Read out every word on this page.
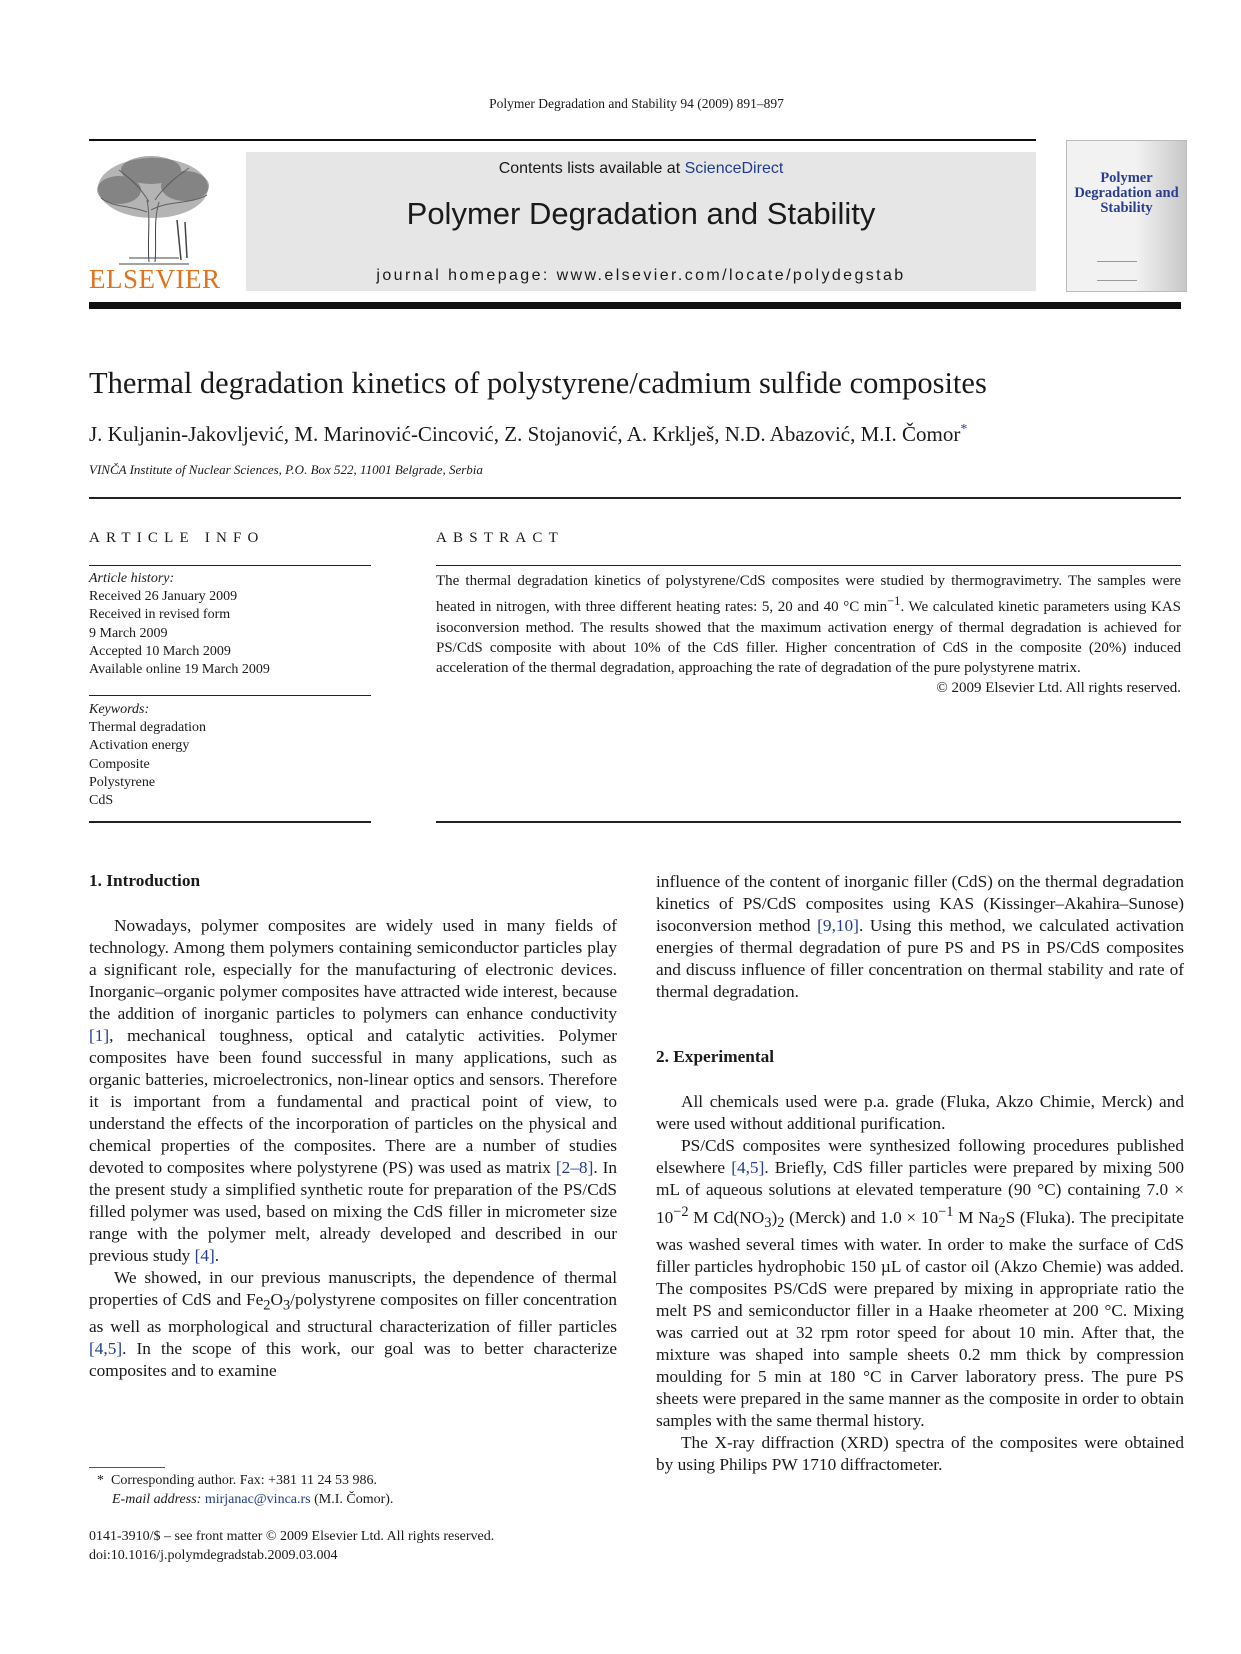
Polymer Degradation and Stability 94 (2009) 891–897
ELSEVIER
Contents lists available at ScienceDirect
Polymer Degradation and Stability
journal homepage: www.elsevier.com/locate/polydegstab
Polymer Degradation and Stability
Thermal degradation kinetics of polystyrene/cadmium sulfide composites
J. Kuljanin-Jakovljević, M. Marinović-Cincović, Z. Stojanović, A. Krklješ, N.D. Abazović, M.I. Čomor*
VINČA Institute of Nuclear Sciences, P.O. Box 522, 11001 Belgrade, Serbia
ARTICLE INFO
Article history:
Received 26 January 2009
Received in revised form
9 March 2009
Accepted 10 March 2009
Available online 19 March 2009
Keywords:
Thermal degradation
Activation energy
Composite
Polystyrene
CdS
ABSTRACT
The thermal degradation kinetics of polystyrene/CdS composites were studied by thermogravimetry. The samples were heated in nitrogen, with three different heating rates: 5, 20 and 40 °C $\min^{-1}$. We calculated kinetic parameters using KAS isoconversion method. The results showed that the maximum activation energy of thermal degradation is achieved for PS/CdS composite with about 10% of the CdS filler. Higher concentration of CdS in the composite (20%) induced acceleration of the thermal degradation, approaching the rate of degradation of the pure polystyrene matrix.
© 2009 Elsevier Ltd. All rights reserved.
1. Introduction

Nowadays, polymer composites are widely used in many fields of technology. Among them polymers containing semiconductor particles play a significant role, especially for the manufacturing of electronic devices. Inorganic–organic polymer composites have attracted wide interest, because the addition of inorganic particles to polymers can enhance conductivity [1], mechanical toughness, optical and catalytic activities. Polymer composites have been found successful in many applications, such as organic batteries, microelectronics, non-linear optics and sensors. Therefore it is important from a fundamental and practical point of view, to understand the effects of the incorporation of particles on the physical and chemical properties of the composites. There are a number of studies devoted to composites where polystyrene (PS) was used as matrix [2–8]. In the present study a simplified synthetic route for preparation of the PS/CdS filled polymer was used, based on mixing the CdS filler in micrometer size range with the polymer melt, already developed and described in our previous study [4].

We showed, in our previous manuscripts, the dependence of thermal properties of CdS and $Fe_2O_3$/polystyrene composites on filler concentration as well as morphological and structural characterization of filler particles [4,5]. In the scope of this work, our goal was to better characterize composites and to examine

influence of the content of inorganic filler (CdS) on the thermal degradation kinetics of PS/CdS composites using KAS (Kissinger–Akahira–Sunose) isoconversion method [9,10]. Using this method, we calculated activation energies of thermal degradation of pure PS and PS in PS/CdS composites and discuss influence of filler concentration on thermal stability and rate of thermal degradation.

2. Experimental

All chemicals used were p.a. grade (Fluka, Akzo Chimie, Merck) and were used without additional purification.

PS/CdS composites were synthesized following procedures published elsewhere [4,5]. Briefly, CdS filler particles were prepared by mixing 500 mL of aqueous solutions at elevated temperature (90 °C) containing $7.0 \times 10^{-2}$ M $Cd(NO_3)_2$ (Merck) and $1.0 \times 10^{-1}$ M $Na_2S$ (Fluka). The precipitate was washed several times with water. In order to make the surface of CdS filler particles hydrophobic 150 µL of castor oil (Akzo Chemie) was added. The composites PS/CdS were prepared by mixing in appropriate ratio the melt PS and semiconductor filler in a Haake rheometer at 200 °C. Mixing was carried out at 32 rpm rotor speed for about 10 min. After that, the mixture was shaped into sample sheets 0.2 mm thick by compression moulding for 5 min at 180 °C in Carver laboratory press. The pure PS sheets were prepared in the same manner as the composite in order to obtain samples with the same thermal history.

The X-ray diffraction (XRD) spectra of the composites were obtained by using Philips PW 1710 diffractometer.

* Corresponding author. Fax: +381 11 24 53 986.
E-mail address: mirjanac@vinca.rs (M.I. Čomor).
0141-3910/$ – see front matter © 2009 Elsevier Ltd. All rights reserved.
doi:10.1016/j.polymdegradstab.2009.03.004
